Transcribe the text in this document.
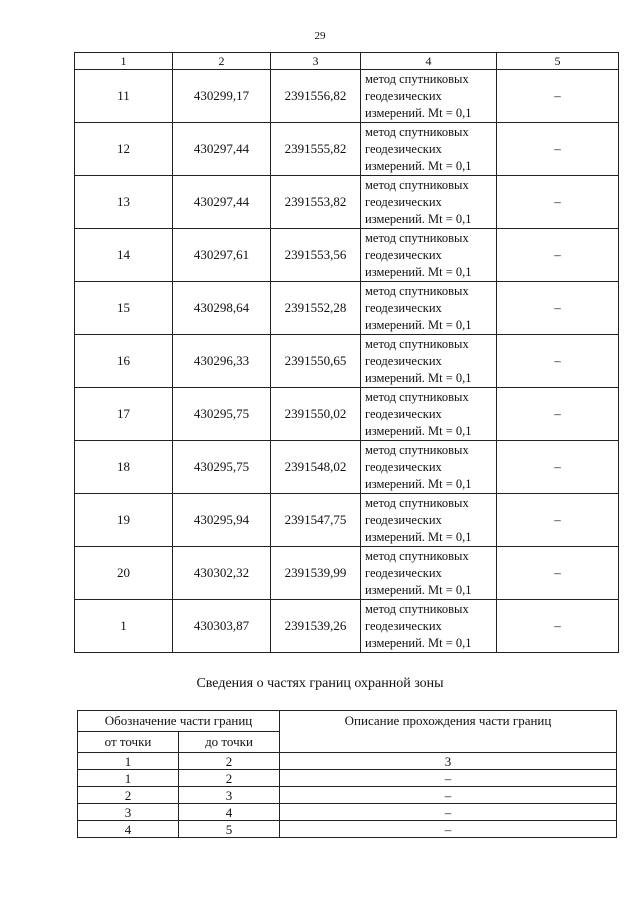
29
1	2	3	4	5
11	430299,17	2391556,82	метод спутниковых
геодезических
измерений. Mt = 0,1	–
12	430297,44	2391555,82	метод спутниковых
геодезических
измерений. Mt = 0,1	–
13	430297,44	2391553,82	метод спутниковых
геодезических
измерений. Mt = 0,1	–
14	430297,61	2391553,56	метод спутниковых
геодезических
измерений. Mt = 0,1	–
15	430298,64	2391552,28	метод спутниковых
геодезических
измерений. Mt = 0,1	–
16	430296,33	2391550,65	метод спутниковых
геодезических
измерений. Mt = 0,1	–
17	430295,75	2391550,02	метод спутниковых
геодезических
измерений. Mt = 0,1	–
18	430295,75	2391548,02	метод спутниковых
геодезических
измерений. Mt = 0,1	–
19	430295,94	2391547,75	метод спутниковых
геодезических
измерений. Mt = 0,1	–
20	430302,32	2391539,99	метод спутниковых
геодезических
измерений. Mt = 0,1	–
1	430303,87	2391539,26	метод спутниковых
геодезических
измерений. Mt = 0,1	–
Сведения о частях границ охранной зоны
Обозначение части границ		Описание прохождения части границ
от точки	до точки	
1	2	3
1	2	–
2	3	–
3	4	–
4	5	–
